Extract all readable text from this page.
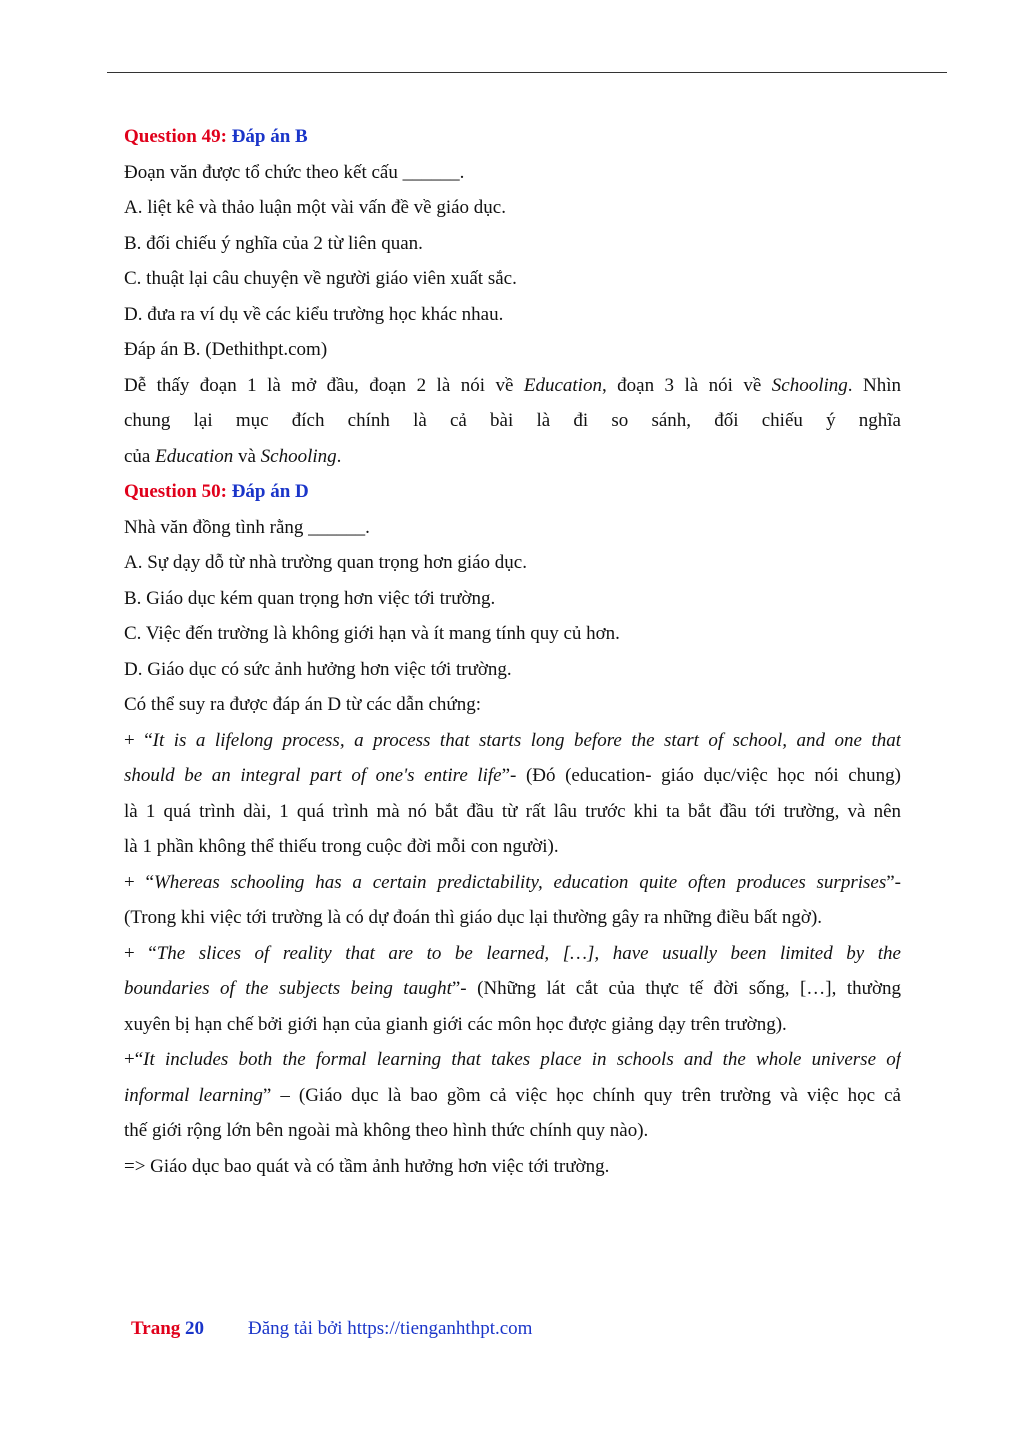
Question 49: Đáp án B
Đoạn văn được tổ chức theo kết cấu ______.
A. liệt kê và thảo luận một vài vấn đề về giáo dục.
B. đối chiếu ý nghĩa của 2 từ liên quan.
C. thuật lại câu chuyện về người giáo viên xuất sắc.
D. đưa ra ví dụ về các kiểu trường học khác nhau.
Đáp án B. (Dethithpt.com)
Dễ thấy đoạn 1 là mở đầu, đoạn 2 là nói về Education, đoạn 3 là nói về Schooling. Nhìn
chung lại mục đích chính là cả bài là đi so sánh, đối chiếu ý nghĩa
của Education và Schooling.
Question 50: Đáp án D
Nhà văn đồng tình rằng ______.
A. Sự dạy dỗ từ nhà trường quan trọng hơn giáo dục.
B. Giáo dục kém quan trọng hơn việc tới trường.
C. Việc đến trường là không giới hạn và ít mang tính quy củ hơn.
D. Giáo dục có sức ảnh hưởng hơn việc tới trường.
Có thể suy ra được đáp án D từ các dẫn chứng:
+ “It is a lifelong process, a process that starts long before the start of school, and one that
should be an integral part of one's entire life”- (Đó (education- giáo dục/việc học nói chung)
là 1 quá trình dài, 1 quá trình mà nó bắt đầu từ rất lâu trước khi ta bắt đầu tới trường, và nên
là 1 phần không thể thiếu trong cuộc đời mỗi con người).
+ “Whereas schooling has a certain predictability, education quite often produces surprises”-
(Trong khi việc tới trường là có dự đoán thì giáo dục lại thường gây ra những điều bất ngờ).
+ “The slices of reality that are to be learned, […], have usually been limited by the
boundaries of the subjects being taught”- (Những lát cắt của thực tế đời sống, […], thường
xuyên bị hạn chế bởi giới hạn của gianh giới các môn học được giảng dạy trên trường).
+“It includes both the formal learning that takes place in schools and the whole universe of
informal learning” – (Giáo dục là bao gồm cả việc học chính quy trên trường và việc học cả
thế giới rộng lớn bên ngoài mà không theo hình thức chính quy nào).
=> Giáo dục bao quát và có tầm ảnh hưởng hơn việc tới trường.
Trang 20 Đăng tải bởi https://tienganhthpt.com
